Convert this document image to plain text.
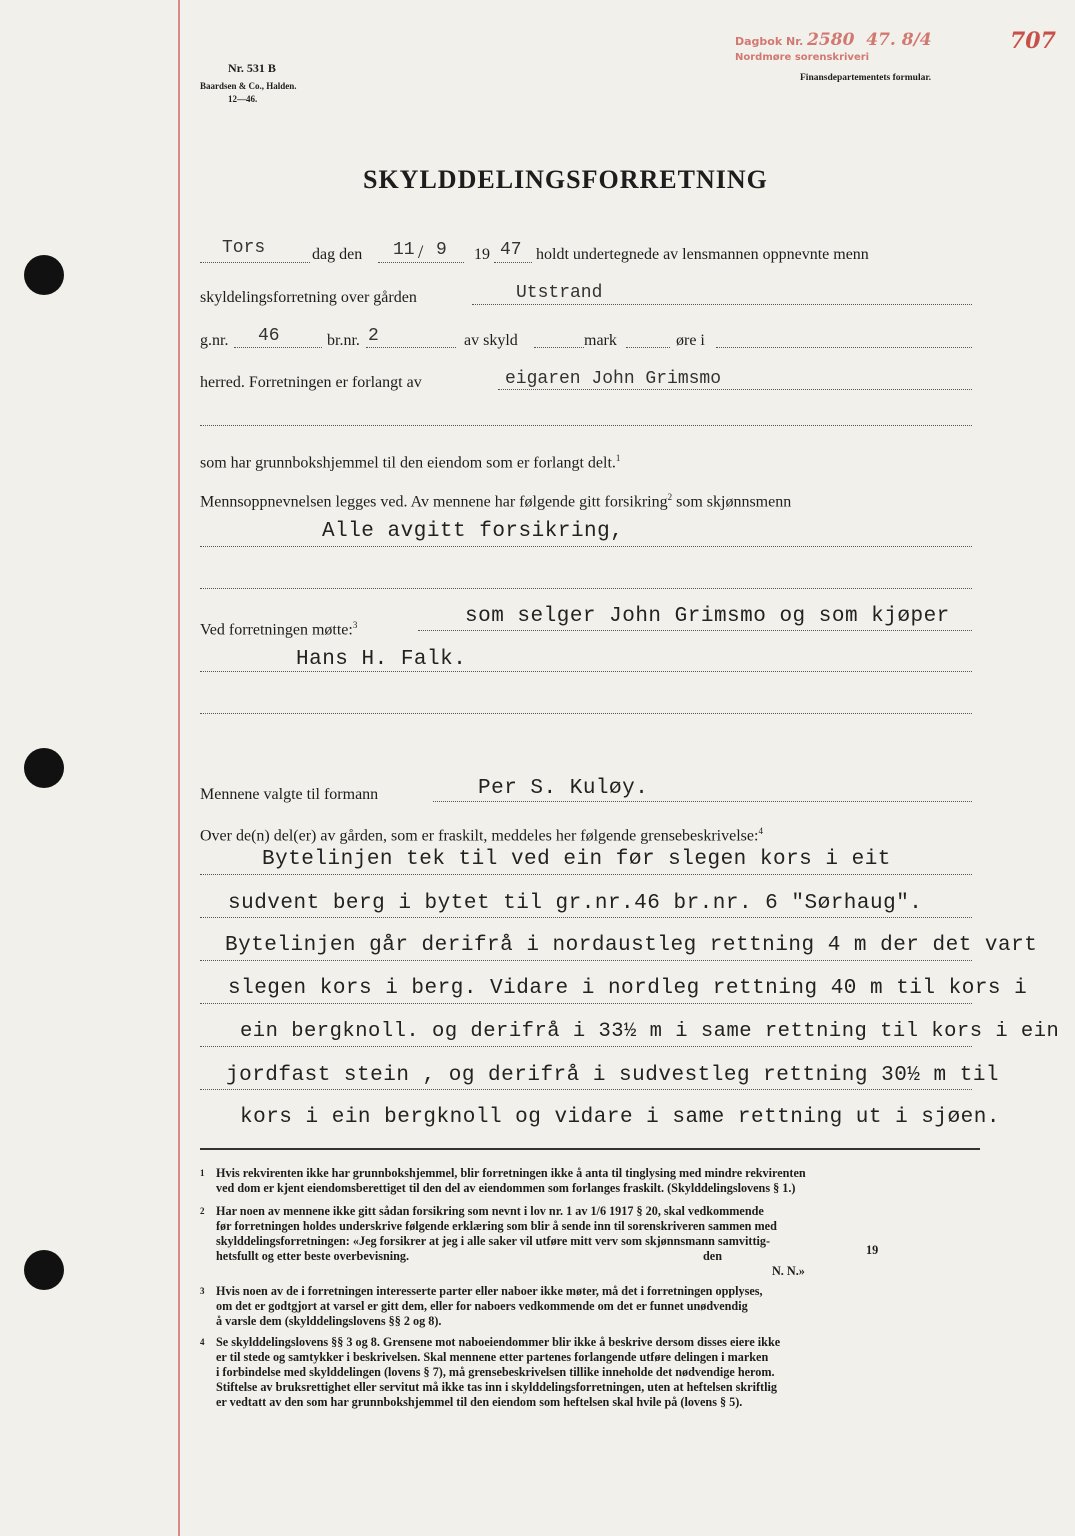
Nr. 531 B
Baardsen & Co., Halden.
12—46.
Dagbok Nr. 2580 47. 8/4
Nordmøre sorenskriveri
707
Finansdepartementets formular.
SKYLDDELINGSFORRETNING
Tors	dag den 11 / 9 19 47 holdt undertegnede av lensmannen oppnevnte menn
skyldelingsforretning over gården	Utstrand
g.nr. 46	br.nr. 2	av skyld	mark	øre i
herred. Forretningen er forlangt av	eigaren John Grimsmo
som har grunnbokshjemmel til den eiendom som er forlangt delt.$^1$
Mennsoppnevnelsen legges ved. Av mennene har følgende gitt forsikring$^2$ som skjønnsmenn
Alle avgitt forsikring,
Ved forretningen møtte:$^3$	som selger John Grimsmo og som kjøper
Hans H. Falk.
Mennene valgte til formann	Per S. Kuløy.
Over de(n) del(er) av gården, som er fraskilt, meddeles her følgende grensebeskrivelse:$^4$
Bytelinjen tek til ved ein før slegen kors i eit
sudvent berg i bytet til gr.nr.46 br.nr. 6 "Sørhaug".
Bytelinjen går derifrå i nordaustleg rettning 4 m der det vart
slegen kors i berg. Vidare i nordleg rettning 40 m til kors i
ein bergknoll. og derifrå i 33½ m i same rettning til kors i ein
jordfast stein , og derifrå i sudvestleg rettning 30½ m til
kors i ein bergknoll og vidare i same rettning ut i sjøen.
1 Hvis rekvirenten ikke har grunnbokshjemmel, blir forretningen ikke å anta til tinglysing med mindre rekvirenten
ved dom er kjent eiendomsberettiget til den del av eiendommen som forlanges fraskilt. (Skylddelingslovens § 1.)
2 Har noen av mennene ikke gitt sådan forsikring som nevnt i lov nr. 1 av 1/6 1917 § 20, skal vedkommende
før forretningen holdes underskrive følgende erklæring som blir å sende inn til sorenskriveren sammen med
skylddelingsforretningen: «Jeg forsikrer at jeg i alle saker vil utføre mitt verv som skjønnsmann samvittig-
hetsfullt og etter beste overbevisning.	den	19
N. N.»
3 Hvis noen av de i forretningen interesserte parter eller naboer ikke møter, må det i forretningen opplyses,
om det er godtgjort at varsel er gitt dem, eller for naboers vedkommende om det er funnet unødvendig
å varsle dem (skylddelingslovens §§ 2 og 8).
4 Se skylddelingslovens §§ 3 og 8. Grensene mot naboeiendommer blir ikke å beskrive dersom disses eiere ikke
er til stede og samtykker i beskrivelsen. Skal mennene etter partenes forlangende utføre delingen i marken
i forbindelse med skylddelingen (lovens § 7), må grensebeskrivelsen tillike inneholde det nødvendige herom.
Stiftelse av bruksrettighet eller servitut må ikke tas inn i skylddelingsforretningen, uten at heftelsen skriftlig
er vedtatt av den som har grunnbokshjemmel til den eiendom som heftelsen skal hvile på (lovens § 5).
